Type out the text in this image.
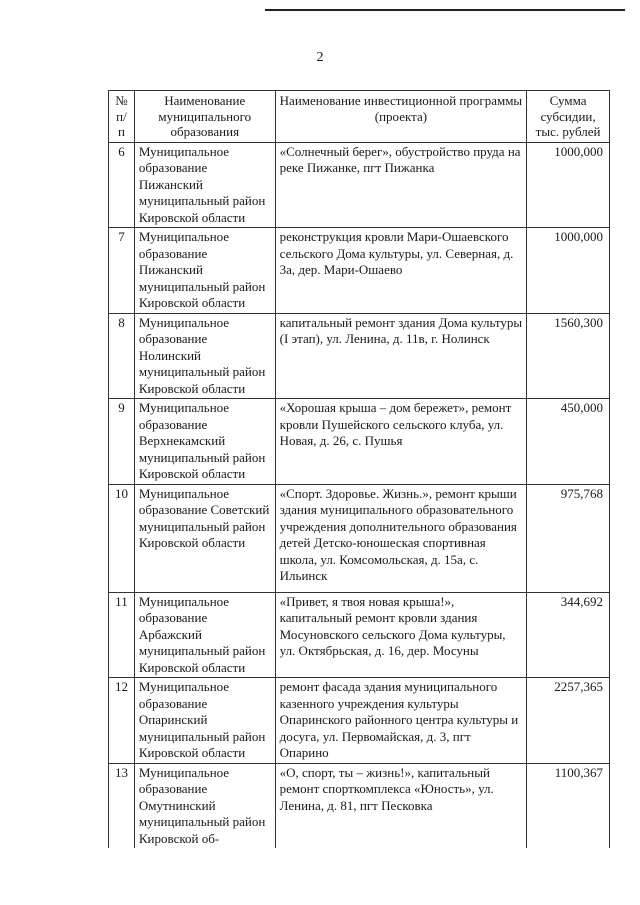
2
№ п/п	Наименование муниципального образования	Наименование инвестиционной программы (проекта)	Сумма субсидии, тыс. рублей
6	Муниципальное образование Пижанский муниципальный район Кировской области	«Солнечный берег», обустройство пруда на реке Пижанке, пгт Пижанка	1000,000
7	Муниципальное образование Пижанский муниципальный район Кировской области	реконструкция кровли Мари-Ошаевского сельского Дома культуры, ул. Северная, д. 3а, дер. Мари-Ошаево	1000,000
8	Муниципальное образование Нолинский муниципальный район Кировской области	капитальный ремонт здания Дома культуры (I этап), ул. Ленина, д. 11в, г. Нолинск	1560,300
9	Муниципальное образование Верхнекамский муниципальный район Кировской области	«Хорошая крыша – дом бережет», ремонт кровли Пушейского сельского клуба, ул. Новая, д. 26, с. Пушья	450,000
10	Муниципальное образование Советский муниципальный район Кировской области	«Спорт. Здоровье. Жизнь.», ремонт крыши здания муниципального образовательного учреждения дополнительного образования детей Детско-юношеская спортивная школа, ул. Комсомольская, д. 15а, с. Ильинск	975,768
11	Муниципальное образование Арбажский муниципальный район Кировской области	«Привет, я твоя новая крыша!», капитальный ремонт кровли здания Мосуновского сельского Дома культуры, ул. Октябрьская, д. 16, дер. Мосуны	344,692
12	Муниципальное образование Опаринский муниципальный район Кировской области	ремонт фасада здания муниципального казенного учреждения культуры Опаринского районного центра культуры и досуга, ул. Первомайская, д. 3, пгт Опарино	2257,365
13	Муниципальное образование Омутнинский муниципальный район Кировской об-	«О, спорт, ты – жизнь!», капитальный ремонт спорткомплекса «Юность», ул. Ленина, д. 81, пгт Песковка	1100,367
